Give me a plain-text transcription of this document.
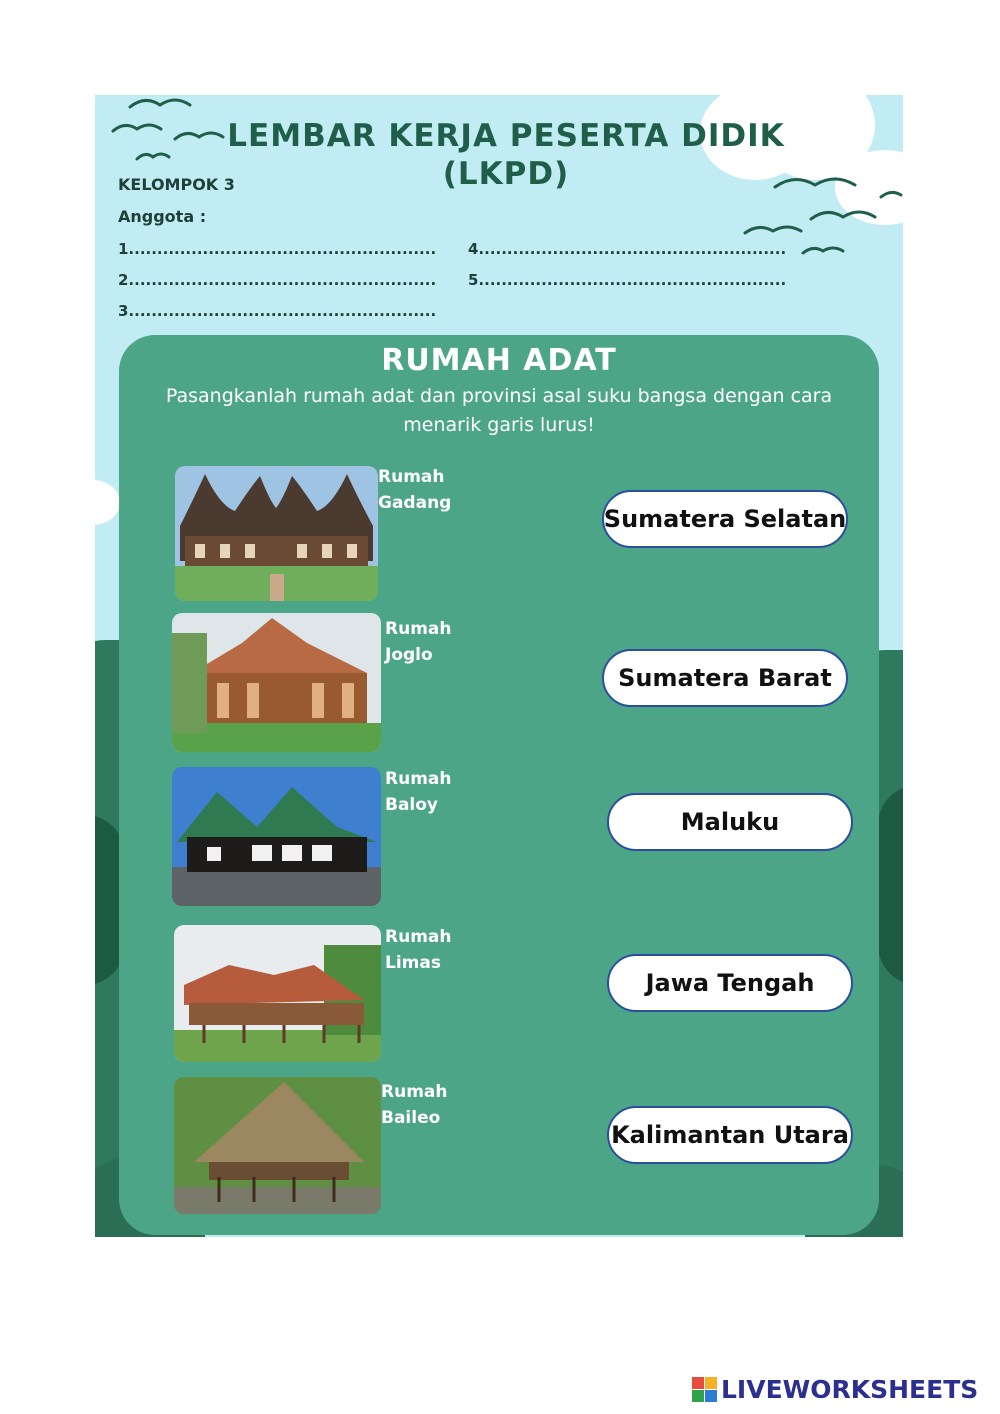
LEMBAR KERJA PESERTA DIDIK
(LKPD)
KELOMPOK 3
Anggota :
1......................................................
2......................................................
3......................................................
4......................................................
5......................................................
RUMAH ADAT
Pasangkanlah rumah adat dan provinsi asal suku bangsa dengan cara
menarik garis lurus!
Rumah
Gadang
Rumah
Joglo
Rumah
Baloy
Rumah
Limas
Rumah
Baileo
Sumatera Selatan
Sumatera Barat
Maluku
Jawa Tengah
Kalimantan Utara
LIVEWORKSHEETS
